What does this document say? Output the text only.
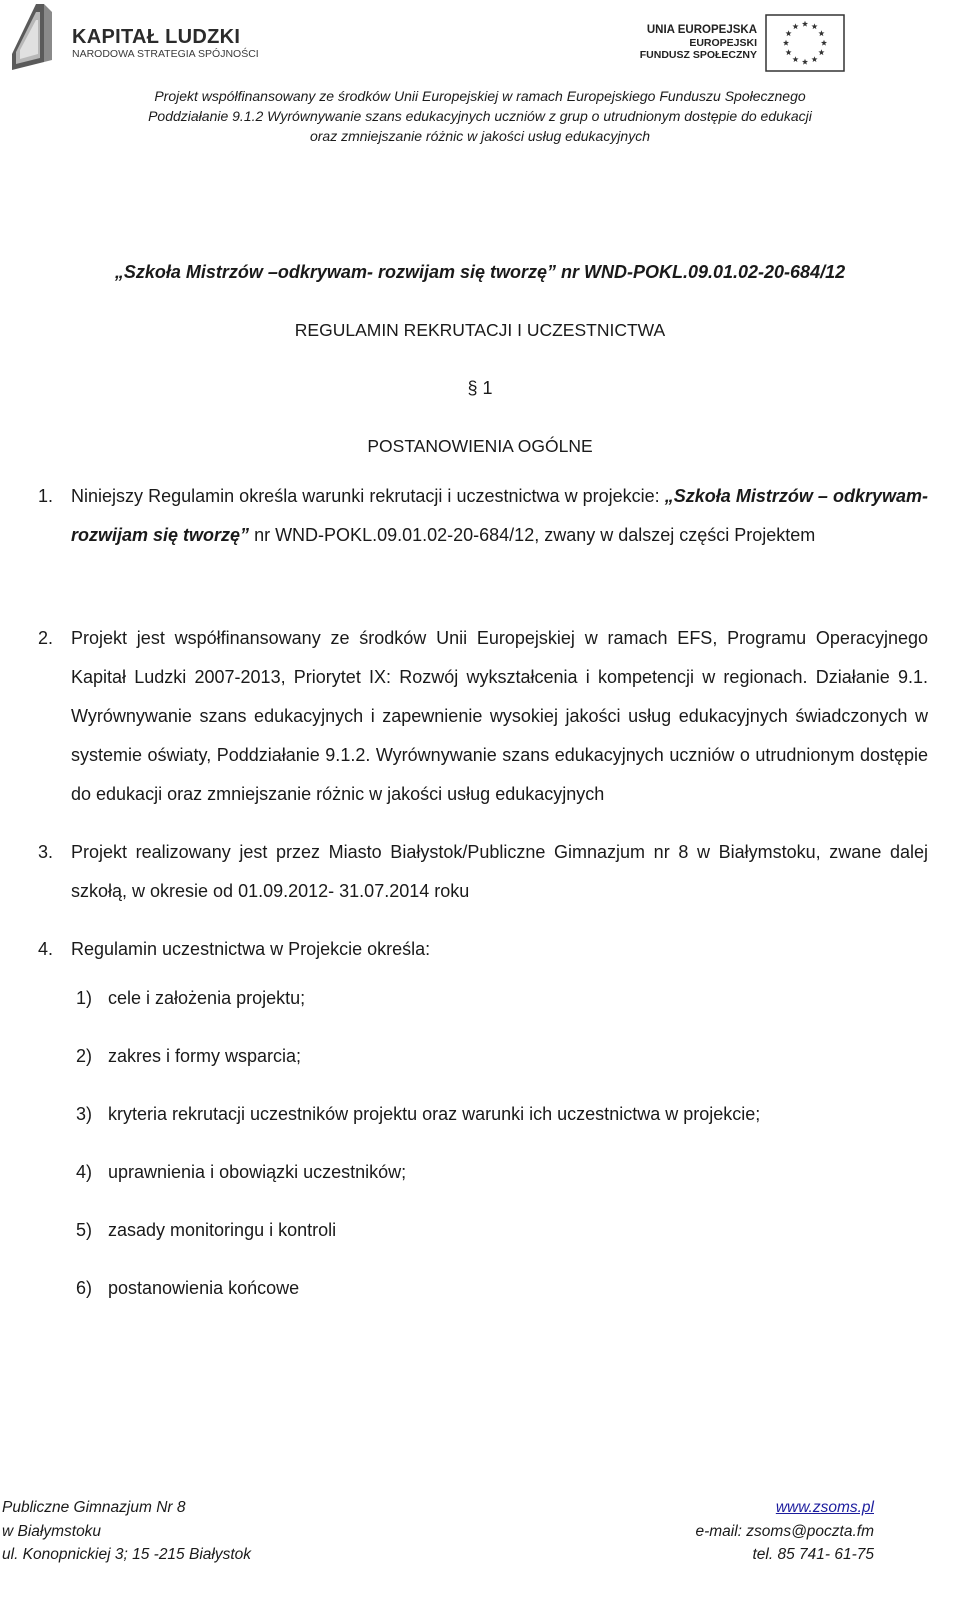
KAPITAŁ LUDZKI
NARODOWA STRATEGIA SPÓJNOŚCI
UNIA EUROPEJSKA
EUROPEJSKI
FUNDUSZ SPOŁECZNY
Projekt współfinansowany ze środków Unii Europejskiej w ramach Europejskiego Funduszu Społecznego
Poddziałanie 9.1.2 Wyrównywanie szans edukacyjnych uczniów z grup o utrudnionym dostępie do edukacji
oraz zmniejszanie różnic w jakości usług edukacyjnych
„Szkoła Mistrzów –odkrywam- rozwijam się tworzę” nr WND-POKL.09.01.02-20-684/12
REGULAMIN REKRUTACJI I UCZESTNICTWA
§ 1
POSTANOWIENIA OGÓLNE
1. Niniejszy Regulamin określa warunki rekrutacji i uczestnictwa w projekcie: „Szkoła Mistrzów – odkrywam- rozwijam się tworzę” nr WND-POKL.09.01.02-20-684/12, zwany w dalszej części Projektem
2. Projekt jest współfinansowany ze środków Unii Europejskiej w ramach EFS, Programu Operacyjnego Kapitał Ludzki 2007-2013, Priorytet IX: Rozwój wykształcenia i kompetencji w regionach. Działanie 9.1. Wyrównywanie szans edukacyjnych i zapewnienie wysokiej jakości usług edukacyjnych świadczonych w systemie oświaty, Poddziałanie 9.1.2. Wyrównywanie szans edukacyjnych uczniów o utrudnionym dostępie do edukacji oraz zmniejszanie różnic w jakości usług edukacyjnych
3. Projekt realizowany jest przez Miasto Białystok/Publiczne Gimnazjum nr 8 w Białymstoku, zwane dalej szkołą, w okresie od 01.09.2012- 31.07.2014 roku
4. Regulamin uczestnictwa w Projekcie określa:
1) cele i założenia projektu;
2) zakres i formy wsparcia;
3) kryteria rekrutacji uczestników projektu oraz warunki ich uczestnictwa w projekcie;
4) uprawnienia i obowiązki uczestników;
5) zasady monitoringu i kontroli
6) postanowienia końcowe
Publiczne Gimnazjum Nr 8
w Białymstoku
ul. Konopnickiej 3; 15 -215 Białystok
www.zsoms.pl
e-mail: zsoms@poczta.fm
tel. 85 741- 61-75
